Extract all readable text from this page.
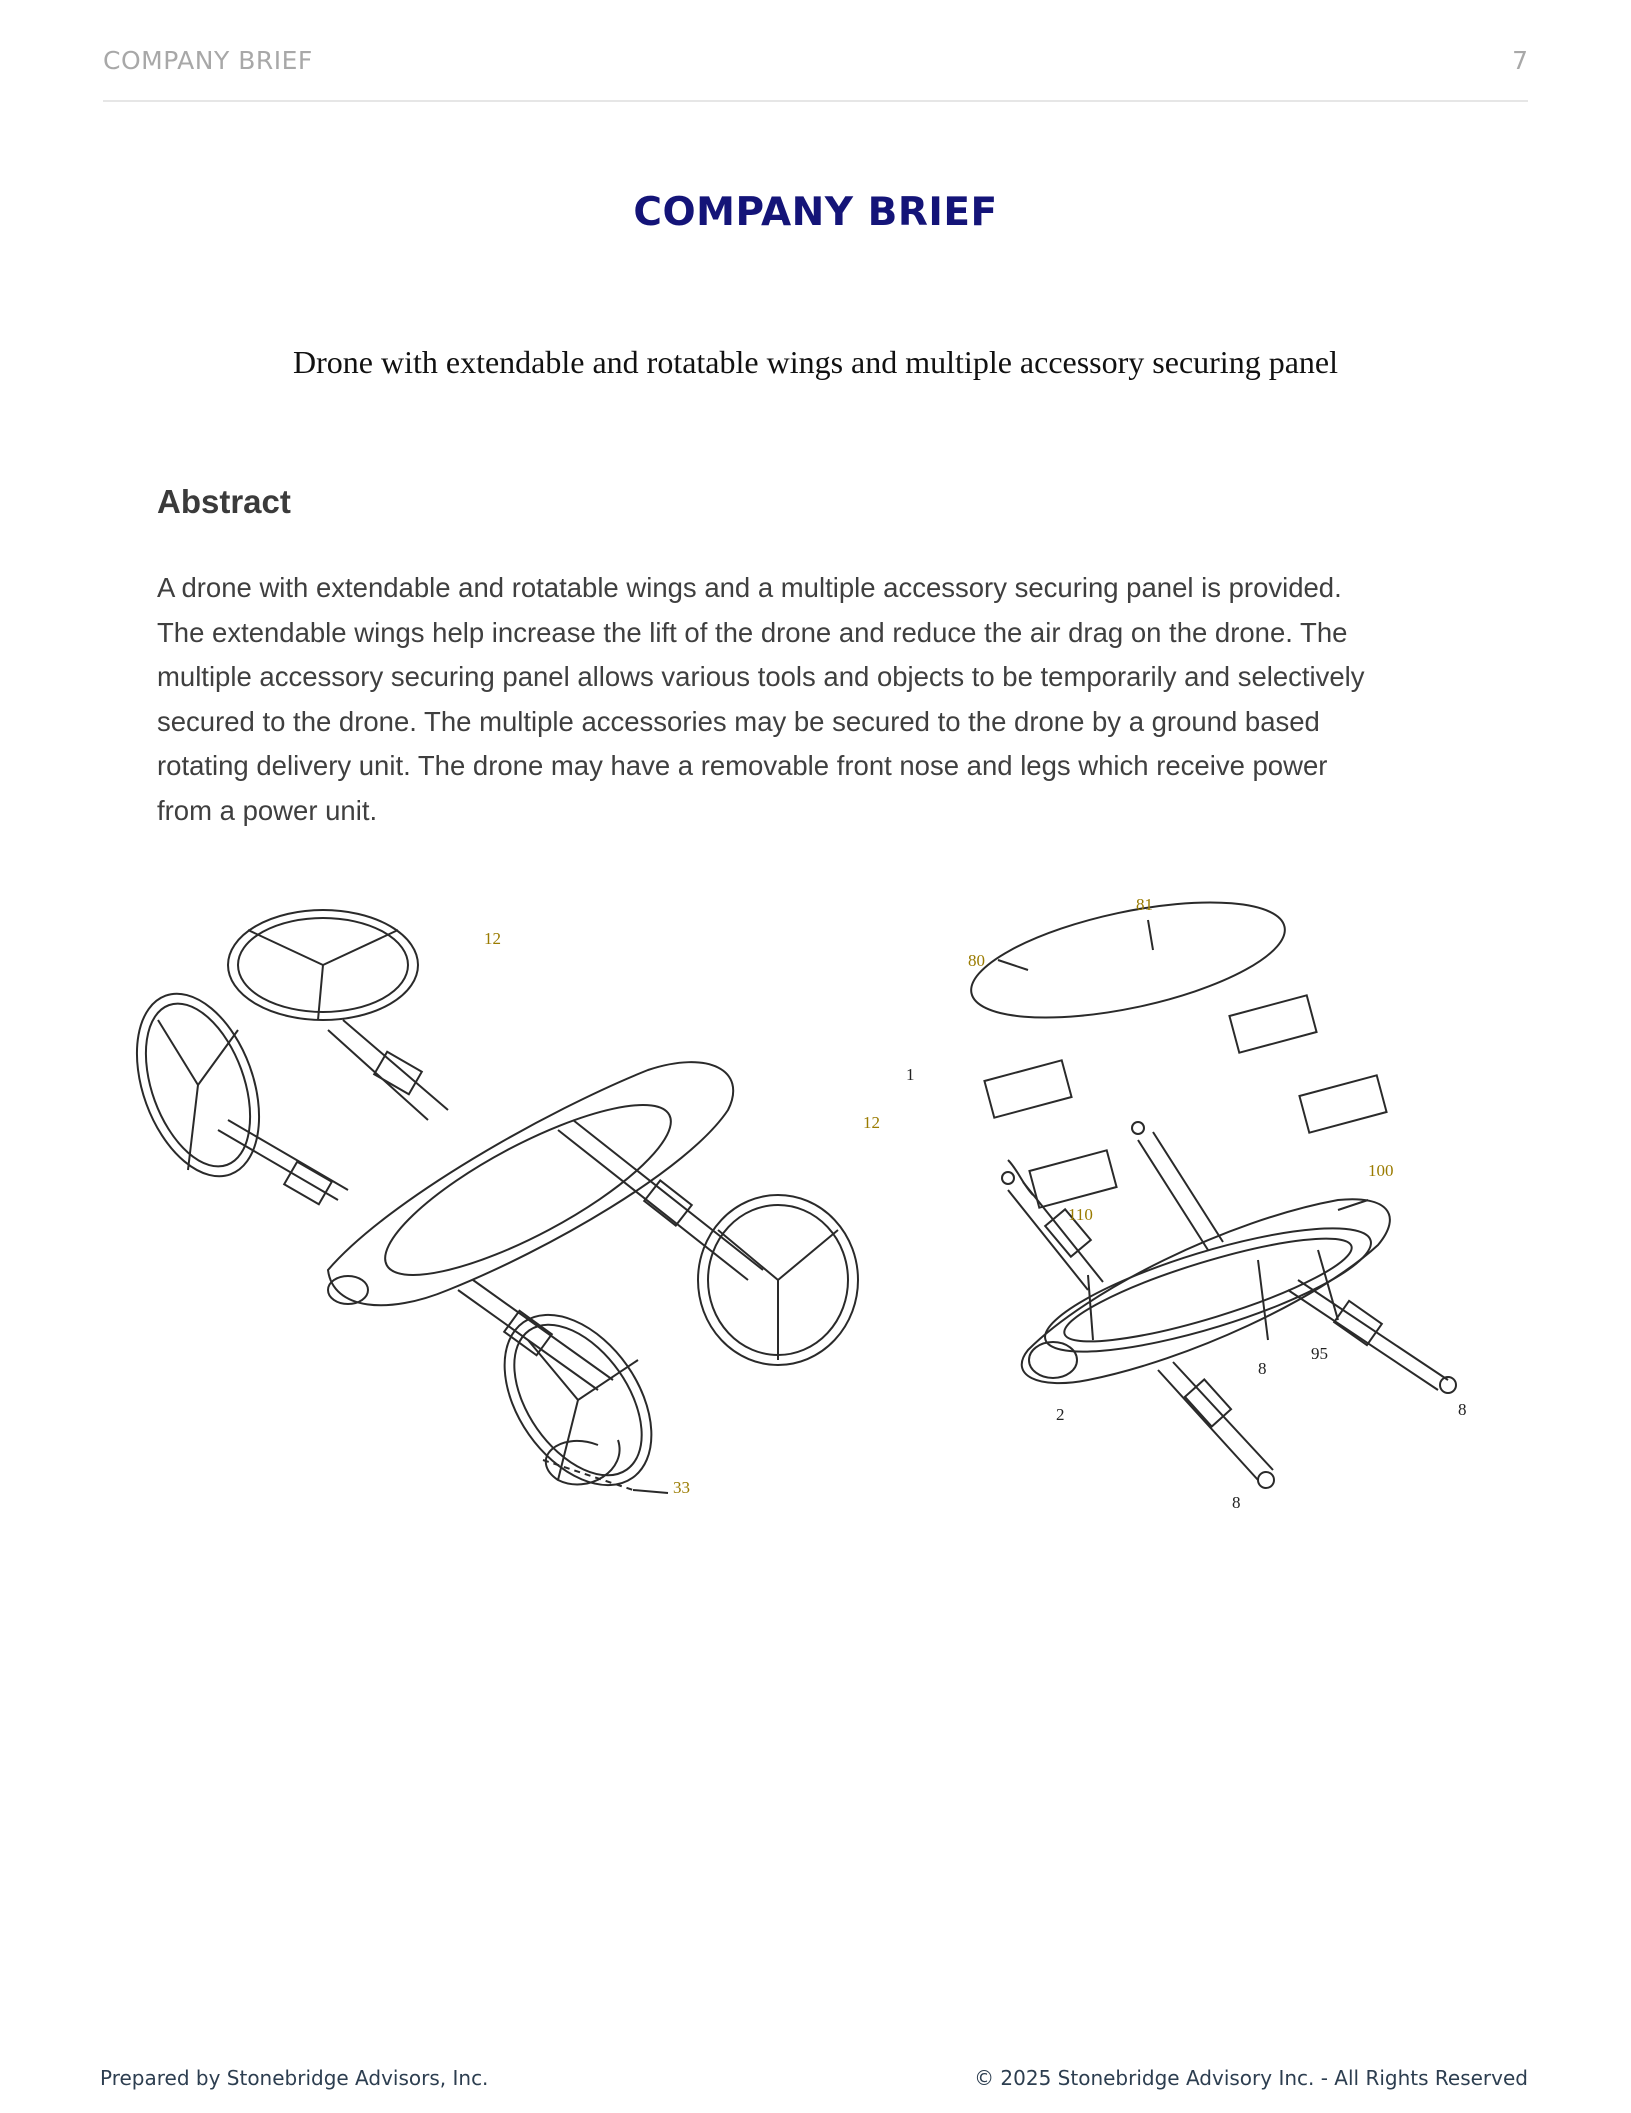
COMPANY BRIEF	7
COMPANY BRIEF
Drone with extendable and rotatable wings and multiple accessory securing panel
Abstract
A drone with extendable and rotatable wings and a multiple accessory securing panel is provided.
The extendable wings help increase the lift of the drone and reduce the air drag on the drone. The
multiple accessory securing panel allows various tools and objects to be temporarily and selectively
secured to the drone. The multiple accessories may be secured to the drone by a ground based
rotating delivery unit. The drone may have a removable front nose and legs which receive power
from a power unit.
12
12
33
81
80
1
100
110
8
95
2	8
8
Prepared by Stonebridge Advisors, Inc.	© 2025 Stonebridge Advisory Inc. - All Rights Reserved
